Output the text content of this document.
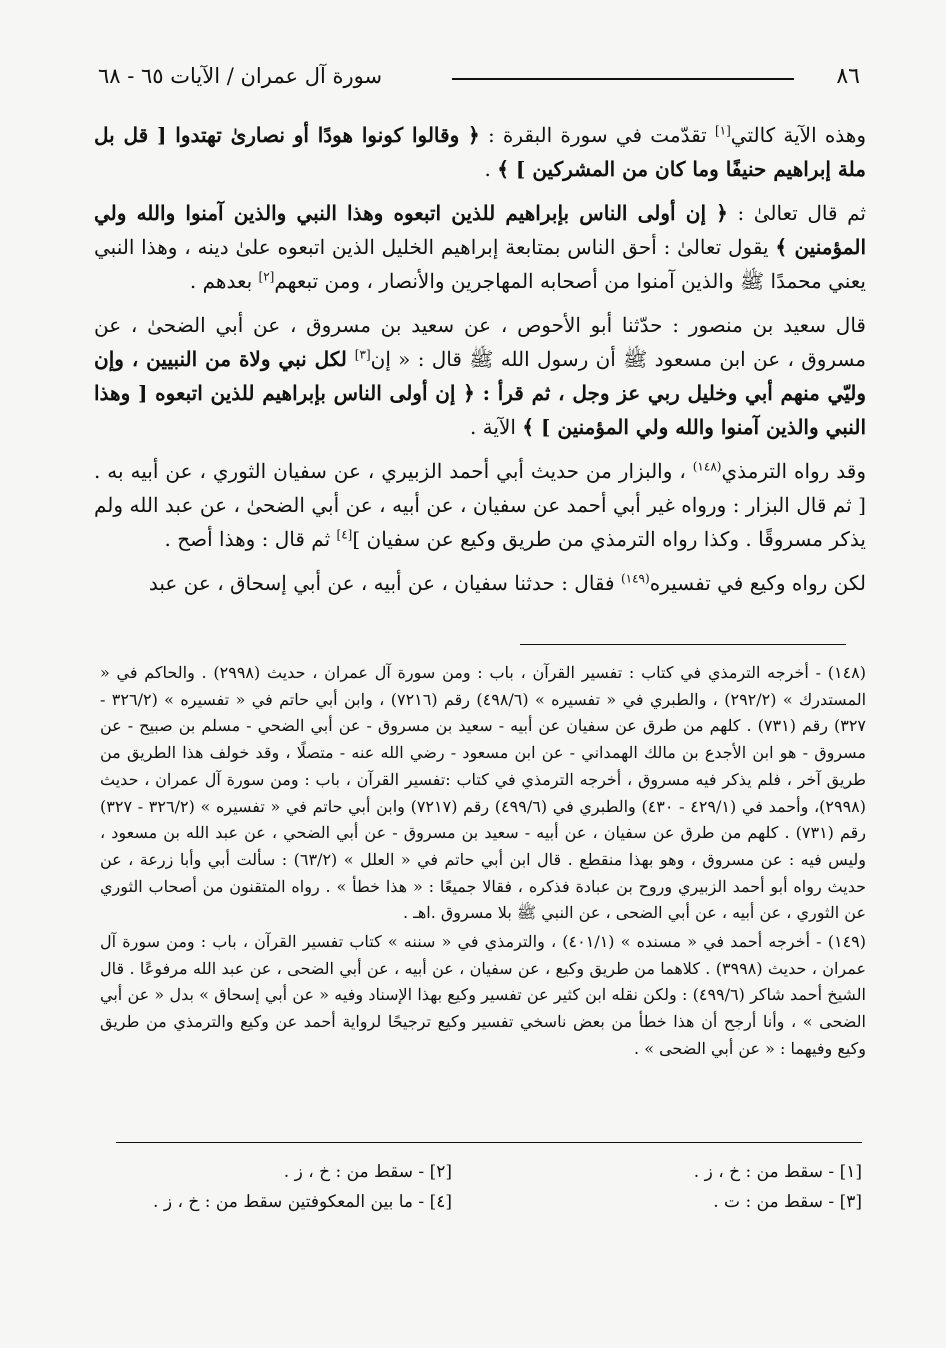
٨٦
سورة آل عمران / الآيات ٦٥ - ٦٨

وهذه الآية كالتي[١] تقدّمت في سورة البقرة : ﴿ وقالوا كونوا هودًا أو نصارىٰ تهتدوا [ قل بل ملة إبراهيم حنيفًا وما كان من المشركين ] ﴾ .

ثم قال تعالىٰ : ﴿ إن أولى الناس بإبراهيم للذين اتبعوه وهذا النبي والذين آمنوا والله ولي المؤمنين ﴾ يقول تعالىٰ : أحق الناس بمتابعة إبراهيم الخليل الذين اتبعوه علىٰ دينه ، وهذا النبي يعني محمدًا ﷺ والذين آمنوا من أصحابه المهاجرين والأنصار ، ومن تبعهم[٢] بعدهم .

قال سعيد بن منصور : حدّثنا أبو الأحوص ، عن سعيد بن مسروق ، عن أبي الضحىٰ ، عن مسروق ، عن ابن مسعود ﷺ أن رسول الله ﷺ قال : « إن[٣] لكل نبي ولاة من النبيين ، وإن وليّي منهم أبي وخليل ربي عز وجل ، ثم قرأ : ﴿ إن أولى الناس بإبراهيم للذين اتبعوه [ وهذا النبي والذين آمنوا والله ولي المؤمنين ] ﴾ الآية .

وقد رواه الترمذي$^{(١٤٨)}$ ، والبزار من حديث أبي أحمد الزبيري ، عن سفيان الثوري ، عن أبيه به . [ ثم قال البزار : ورواه غير أبي أحمد عن سفيان ، عن أبيه ، عن أبي الضحىٰ ، عن عبد الله ولم يذكر مسروقًا . وكذا رواه الترمذي من طريق وكيع عن سفيان ][٤] ثم قال : وهذا أصح .

لكن رواه وكيع في تفسيره$^{(١٤٩)}$ فقال : حدثنا سفيان ، عن أبيه ، عن أبي إسحاق ، عن عبد

(١٤٨) - أخرجه الترمذي في كتاب : تفسير القرآن ، باب : ومن سورة آل عمران ، حديث (٢٩٩٨) . والحاكم في « المستدرك » (٢٩٢/٢) ، والطبري في « تفسيره » (٤٩٨/٦) رقم (٧٢١٦) ، وابن أبي حاتم في « تفسيره » (٣٢٦/٢ - ٣٢٧) رقم (٧٣١) . كلهم من طرق عن سفيان عن أبيه - سعيد بن مسروق - عن أبي الضحي - مسلم بن صبيح - عن مسروق - هو ابن الأجدع بن مالك الهمداني - عن ابن مسعود - رضي الله عنه - متصلًا ، وقد خولف هذا الطريق من طريق آخر ، فلم يذكر فيه مسروق ، أخرجه الترمذي في كتاب :تفسير القرآن ، باب : ومن سورة آل عمران ، حديث (٢٩٩٨)، وأحمد في (٤٢٩/١ - ٤٣٠) والطبري في (٤٩٩/٦) رقم (٧٢١٧) وابن أبي حاتم في « تفسيره » (٣٢٦/٢ - ٣٢٧) رقم (٧٣١) . كلهم من طرق عن سفيان ، عن أبيه - سعيد بن مسروق - عن أبي الضحي ، عن عبد الله بن مسعود ، وليس فيه : عن مسروق ، وهو بهذا منقطع . قال ابن أبي حاتم في « العلل » (٦٣/٢) : سألت أبي وأبا زرعة ، عن حديث رواه أبو أحمد الزبيري وروح بن عبادة فذكره ، فقالا جميعًا : « هذا خطأ » . رواه المتقنون من أصحاب الثوري عن الثوري ، عن أبيه ، عن أبي الضحى ، عن النبي ﷺ بلا مسروق .اهـ .

(١٤٩) - أخرجه أحمد في « مسنده » (٤٠١/١) ، والترمذي في « سننه » كتاب تفسير القرآن ، باب : ومن سورة آل عمران ، حديث (٣٩٩٨) . كلاهما من طريق وكيع ، عن سفيان ، عن أبيه ، عن أبي الضحى ، عن عبد الله مرفوعًا . قال الشيخ أحمد شاكر (٤٩٩/٦) : ولكن نقله ابن كثير عن تفسير وكيع بهذا الإسناد وفيه « عن أبي إسحاق » بدل « عن أبي الضحى » ، وأنا أرجح أن هذا خطأ من بعض ناسخي تفسير وكيع ترجيحًا لرواية أحمد عن وكيع والترمذي من طريق وكيع وفيهما : « عن أبي الضحى » .

[١] - سقط من : خ ، ز .
[٢] - سقط من : خ ، ز .
[٣] - سقط من : ت .
[٤] - ما بين المعكوفتين سقط من : خ ، ز .
